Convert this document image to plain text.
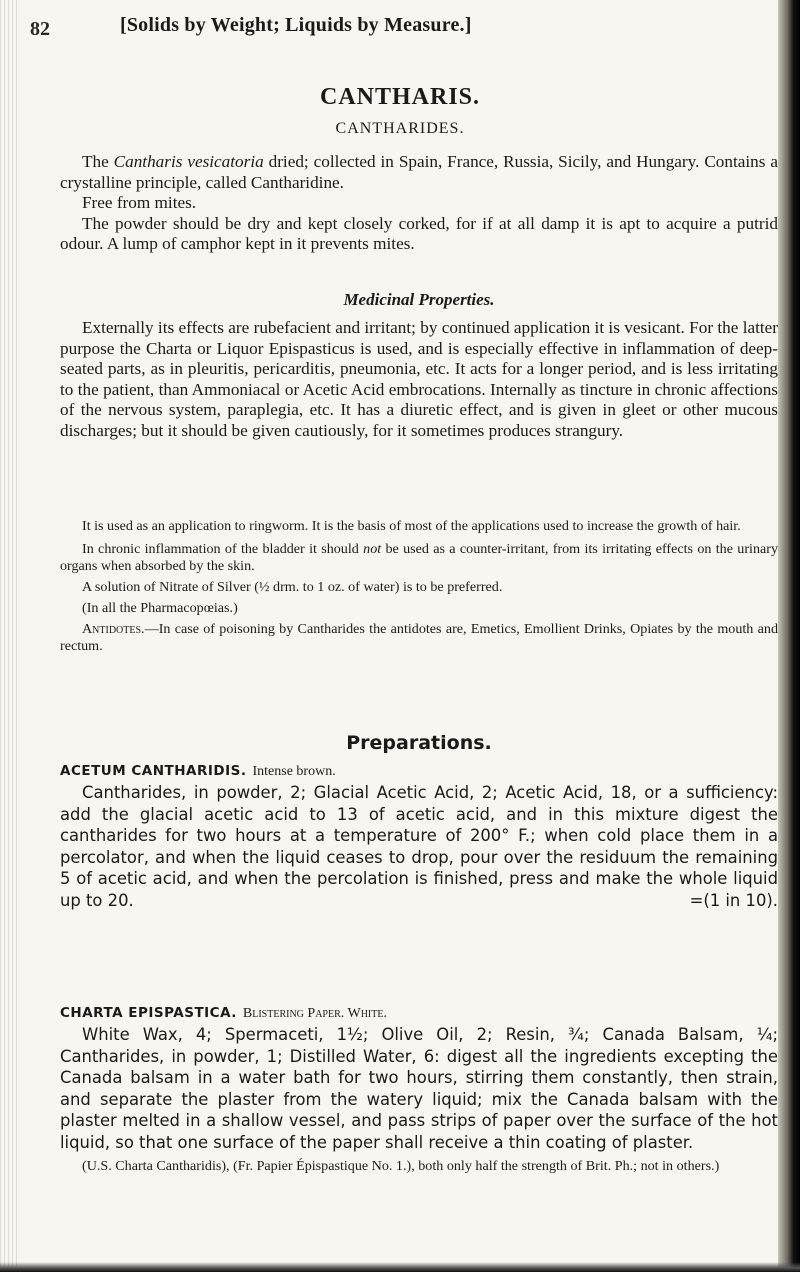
82	[Solids by Weight; Liquids by Measure.]
CANTHARIS.
CANTHARIDES.

The Cantharis vesicatoria dried; collected in Spain, France, Russia, Sicily, and Hungary. Contains a crystalline principle, called Cantharidine.

Free from mites.

The powder should be dry and kept closely corked, for if at all damp it is apt to acquire a putrid odour. A lump of camphor kept in it prevents mites.

Medicinal Properties.

Externally its effects are rubefacient and irritant; by continued application it is vesicant. For the latter purpose the Charta or Liquor Epispasticus is used, and is especially effective in inflammation of deep-seated parts, as in pleuritis, pericarditis, pneumonia, etc. It acts for a longer period, and is less irritating to the patient, than Ammoniacal or Acetic Acid embrocations. Internally as tincture in chronic affections of the nervous system, paraplegia, etc. It has a diuretic effect, and is given in gleet or other mucous discharges; but it should be given cautiously, for it sometimes produces strangury.

It is used as an application to ringworm. It is the basis of most of the applications used to increase the growth of hair.

In chronic inflammation of the bladder it should not be used as a counter-irritant, from its irritating effects on the urinary organs when absorbed by the skin.

A solution of Nitrate of Silver (½ drm. to 1 oz. of water) is to be preferred.

(In all the Pharmacopœias.)

Antidotes.—In case of poisoning by Cantharides the antidotes are, Emetics, Emollient Drinks, Opiates by the mouth and rectum.

Preparations.
ACETUM CANTHARIDIS. Intense brown.

Cantharides, in powder, 2; Glacial Acetic Acid, 2; Acetic Acid, 18, or a sufficiency: add the glacial acetic acid to 13 of acetic acid, and in this mixture digest the cantharides for two hours at a temperature of 200° F.; when cold place them in a percolator, and when the liquid ceases to drop, pour over the residuum the remaining 5 of acetic acid, and when the percolation is finished, press and make the whole liquid up to 20.	=(1 in 10).

CHARTA EPISPASTICA. Blistering Paper. White.

White Wax, 4; Spermaceti, 1½; Olive Oil, 2; Resin, ¾; Canada Balsam, ¼; Cantharides, in powder, 1; Distilled Water, 6: digest all the ingredients excepting the Canada balsam in a water bath for two hours, stirring them constantly, then strain, and separate the plaster from the watery liquid; mix the Canada balsam with the plaster melted in a shallow vessel, and pass strips of paper over the surface of the hot liquid, so that one surface of the paper shall receive a thin coating of plaster.

(U.S. Charta Cantharidis), (Fr. Papier Épispastique No. 1.), both only half the strength of Brit. Ph.; not in others.)
